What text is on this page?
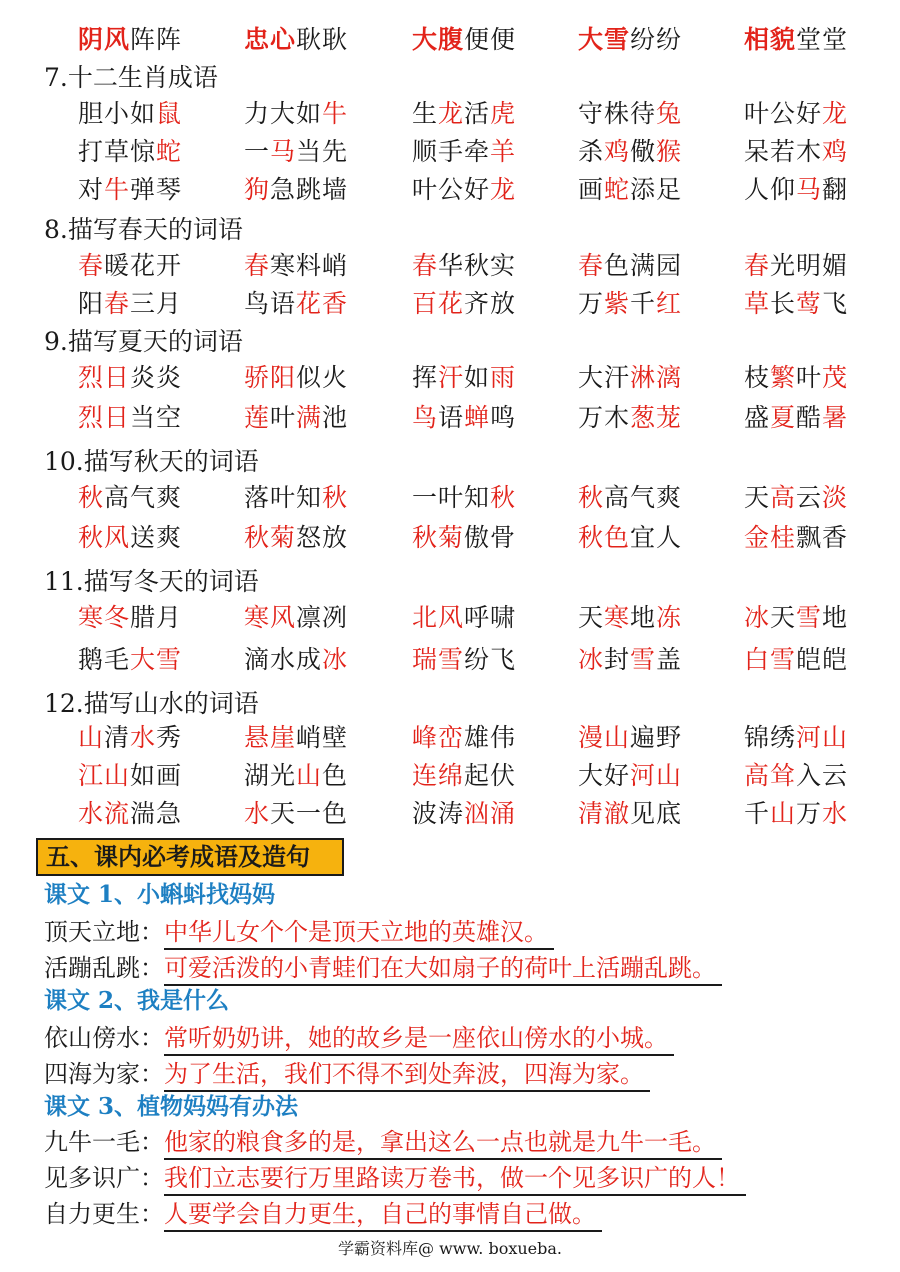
阴风阵阵 忠心耿耿	大腹便便 大雪纷纷 相貌堂堂
7.十二生肖成语
胆小如鼠 力大如牛	生龙活虎 守株待兔 叶公好龙
打草惊蛇 一马当先	顺手牵羊 杀鸡儆猴 呆若木鸡
对牛弹琴 狗急跳墙	叶公好龙 画蛇添足 人仰马翻
8.描写春天的词语
春暖花开 春寒料峭	春华秋实 春色满园 春光明媚
阳春三月 鸟语花香	百花齐放 万紫千红 草长莺飞
9.描写夏天的词语
烈日炎炎 骄阳似火	挥汗如雨 大汗淋漓 枝繁叶茂
烈日当空 莲叶满池	鸟语蝉鸣 万木葱茏 盛夏酷暑
10.描写秋天的词语
秋高气爽 落叶知秋	一叶知秋 秋高气爽 天高云淡
秋风送爽 秋菊怒放	秋菊傲骨 秋色宜人 金桂飘香
11.描写冬天的词语
寒冬腊月 寒风凛冽	北风呼啸 天寒地冻 冰天雪地
鹅毛大雪 滴水成冰	瑞雪纷飞 冰封雪盖 白雪皑皑
12.描写山水的词语
山清水秀 悬崖峭壁	峰峦雄伟 漫山遍野 锦绣河山
江山如画 湖光山色	连绵起伏 大好河山 高耸入云
水流湍急 水天一色	波涛汹涌 清澈见底 千山万水
五、课内必考成语及造句
课文 1、小蝌蚪找妈妈
顶天立地：中华儿女个个是顶天立地的英雄汉。
活蹦乱跳：可爱活泼的小青蛙们在大如扇子的荷叶上活蹦乱跳。
课文 2、我是什么
依山傍水：常听奶奶讲，她的故乡是一座依山傍水的小城。
四海为家：为了生活，我们不得不到处奔波，四海为家。
课文 3、植物妈妈有办法
九牛一毛：他家的粮食多的是，拿出这么一点也就是九牛一毛。
见多识广：我们立志要行万里路读万卷书，做一个见多识广的人！
自力更生：人要学会自力更生，自己的事情自己做。
学霸资料库@ www. boxueba.
